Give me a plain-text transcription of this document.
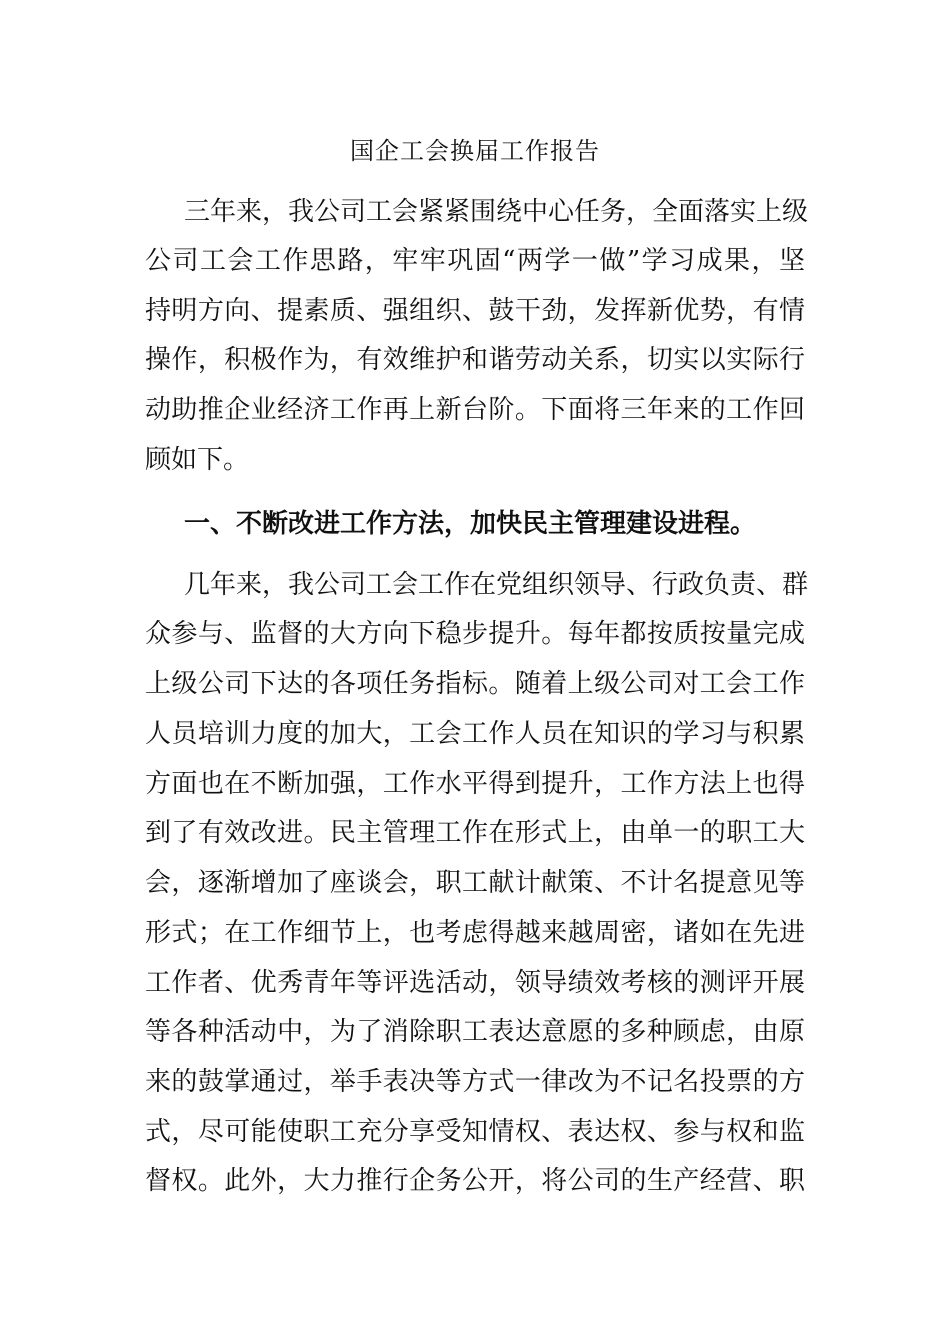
国企工会换届工作报告
三年来，我公司工会紧紧围绕中心任务，全面落实上级
公司工会工作思路，牢牢巩固“两学一做”学习成果，坚
持明方向、提素质、强组织、鼓干劲，发挥新优势，有情
操作，积极作为，有效维护和谐劳动关系，切实以实际行
动助推企业经济工作再上新台阶。下面将三年来的工作回
顾如下。
一、不断改进工作方法，加快民主管理建设进程。
几年来，我公司工会工作在党组织领导、行政负责、群
众参与、监督的大方向下稳步提升。每年都按质按量完成
上级公司下达的各项任务指标。随着上级公司对工会工作
人员培训力度的加大，工会工作人员在知识的学习与积累
方面也在不断加强，工作水平得到提升，工作方法上也得
到了有效改进。民主管理工作在形式上，由单一的职工大
会，逐渐增加了座谈会，职工献计献策、不计名提意见等
形式；在工作细节上，也考虑得越来越周密，诸如在先进
工作者、优秀青年等评选活动，领导绩效考核的测评开展
等各种活动中，为了消除职工表达意愿的多种顾虑，由原
来的鼓掌通过，举手表决等方式一律改为不记名投票的方
式，尽可能使职工充分享受知情权、表达权、参与权和监
督权。此外，大力推行企务公开，将公司的生产经营、职
